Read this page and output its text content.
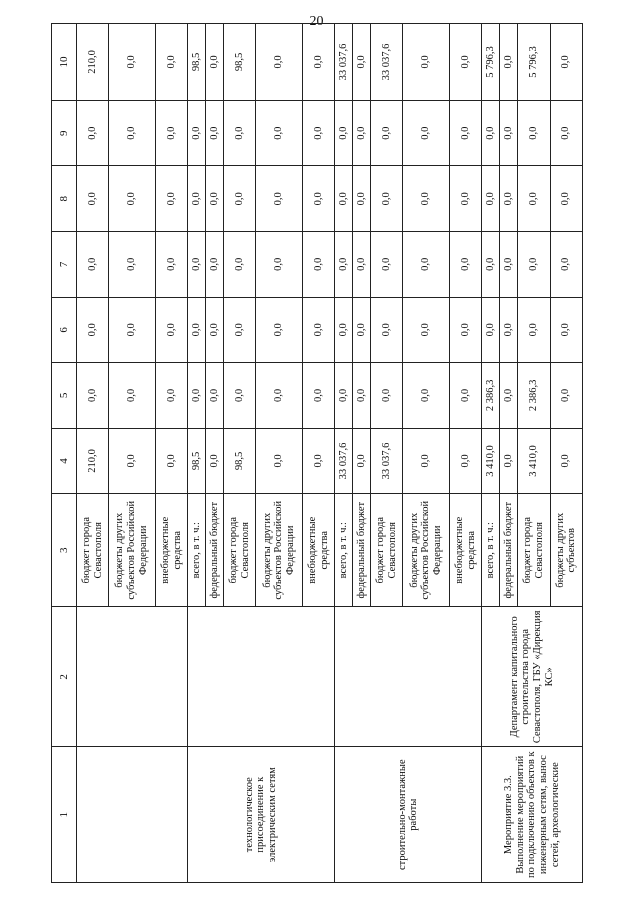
20
1	2	3	4	5	6	7	8	9	10
		бюджет города Севастополя	210,0	0,0	0,0	0,0	0,0	0,0	210,0
		бюджеты других субъектов Российской Федерации	0,0	0,0	0,0	0,0	0,0	0,0	0,0
		внебюджетные средства	0,0	0,0	0,0	0,0	0,0	0,0	0,0
технологическое присоединение к электрическим сетям		всего, в т. ч.:	98,5	0,0	0,0	0,0	0,0	0,0	98,5
		федеральный бюджет	0,0	0,0	0,0	0,0	0,0	0,0	0,0
		бюджет города Севастополя	98,5	0,0	0,0	0,0	0,0	0,0	98,5
		бюджеты других субъектов Российской Федерации	0,0	0,0	0,0	0,0	0,0	0,0	0,0
		внебюджетные средства	0,0	0,0	0,0	0,0	0,0	0,0	0,0
строительно-монтажные работы		всего, в т. ч.:	33 037,6	0,0	0,0	0,0	0,0	0,0	33 037,6
		федеральный бюджет	0,0	0,0	0,0	0,0	0,0	0,0	0,0
		бюджет города Севастополя	33 037,6	0,0	0,0	0,0	0,0	0,0	33 037,6
		бюджеты других субъектов Российской Федерации	0,0	0,0	0,0	0,0	0,0	0,0	0,0
		внебюджетные средства	0,0	0,0	0,0	0,0	0,0	0,0	0,0
Мероприятие 3.3. Выполнение мероприятий по подключению объектов к инженерным сетям, вынос сетей, археологические	Департамент капитального строительства города Севастополя, ГБУ «Дирекция КС»	всего, в т. ч.:	3 410,0	2 386,3	0,0	0,0	0,0	0,0	5 796,3
		федеральный бюджет	0,0	0,0	0,0	0,0	0,0	0,0	0,0
		бюджет города Севастополя	3 410,0	2 386,3	0,0	0,0	0,0	0,0	5 796,3
		бюджеты других субъектов	0,0	0,0	0,0	0,0	0,0	0,0	0,0
